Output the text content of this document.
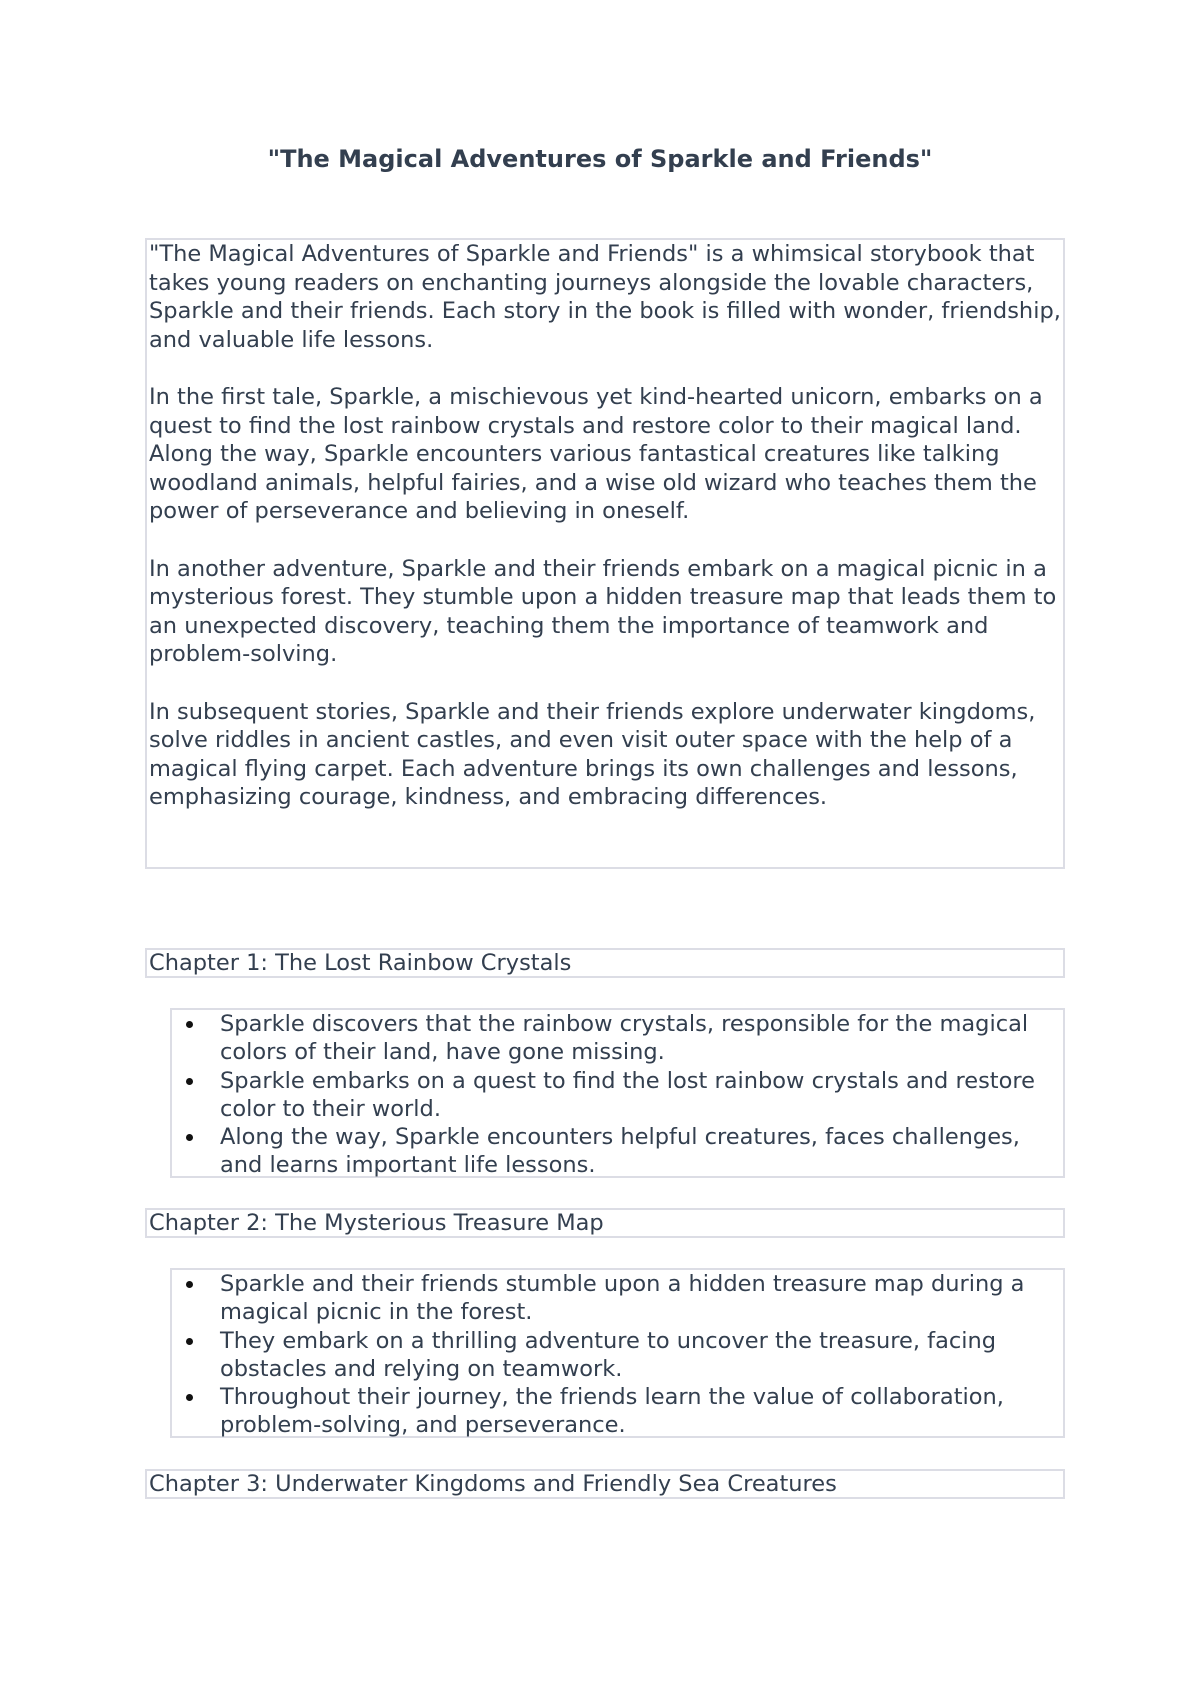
"The Magical Adventures of Sparkle and Friends"

"The Magical Adventures of Sparkle and Friends" is a whimsical storybook that takes young readers on enchanting journeys alongside the lovable characters, Sparkle and their friends. Each story in the book is filled with wonder, friendship, and valuable life lessons.

In the first tale, Sparkle, a mischievous yet kind-hearted unicorn, embarks on a quest to find the lost rainbow crystals and restore color to their magical land. Along the way, Sparkle encounters various fantastical creatures like talking woodland animals, helpful fairies, and a wise old wizard who teaches them the power of perseverance and believing in oneself.

In another adventure, Sparkle and their friends embark on a magical picnic in a mysterious forest. They stumble upon a hidden treasure map that leads them to an unexpected discovery, teaching them the importance of teamwork and problem-solving.

In subsequent stories, Sparkle and their friends explore underwater kingdoms, solve riddles in ancient castles, and even visit outer space with the help of a magical flying carpet. Each adventure brings its own challenges and lessons, emphasizing courage, kindness, and embracing differences.

Chapter 1: The Lost Rainbow Crystals
Sparkle discovers that the rainbow crystals, responsible for the magical colors of their land, have gone missing.
Sparkle embarks on a quest to find the lost rainbow crystals and restore color to their world.
Along the way, Sparkle encounters helpful creatures, faces challenges, and learns important life lessons.
Chapter 2: The Mysterious Treasure Map
Sparkle and their friends stumble upon a hidden treasure map during a magical picnic in the forest.
They embark on a thrilling adventure to uncover the treasure, facing obstacles and relying on teamwork.
Throughout their journey, the friends learn the value of collaboration, problem-solving, and perseverance.
Chapter 3: Underwater Kingdoms and Friendly Sea Creatures
